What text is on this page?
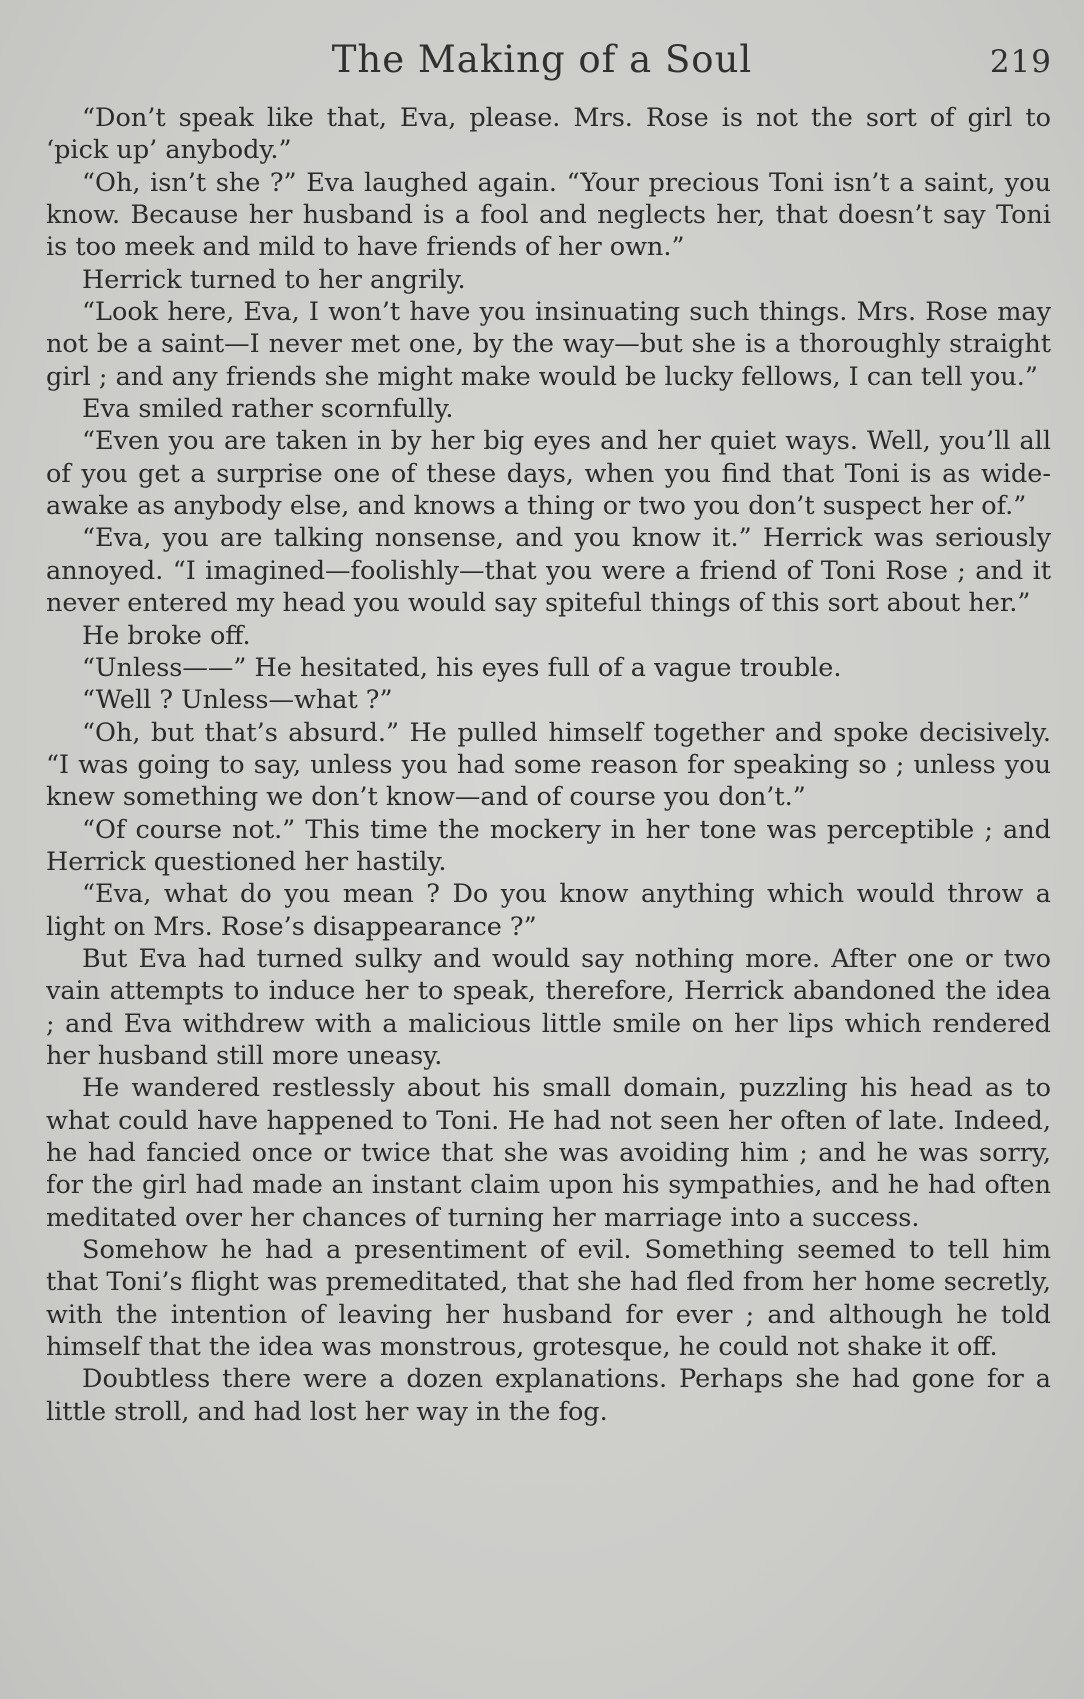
The Making of a Soul	219

“Don’t speak like that, Eva, please. Mrs. Rose is not the sort of girl to ‘pick up’ anybody.”

“Oh, isn’t she ?” Eva laughed again. “Your precious Toni isn’t a saint, you know. Because her husband is a fool and neglects her, that doesn’t say Toni is too meek and mild to have friends of her own.”

Herrick turned to her angrily.

“Look here, Eva, I won’t have you insinuating such things. Mrs. Rose may not be a saint—I never met one, by the way—but she is a thoroughly straight girl ; and any friends she might make would be lucky fellows, I can tell you.”

Eva smiled rather scornfully.

“Even you are taken in by her big eyes and her quiet ways. Well, you’ll all of you get a surprise one of these days, when you find that Toni is as wide-awake as anybody else, and knows a thing or two you don’t suspect her of.”

“Eva, you are talking nonsense, and you know it.” Herrick was seriously annoyed. “I imagined—foolishly—that you were a friend of Toni Rose ; and it never entered my head you would say spiteful things of this sort about her.”

He broke off.

“Unless——” He hesitated, his eyes full of a vague trouble.

“Well ? Unless—what ?”

“Oh, but that’s absurd.” He pulled himself together and spoke decisively. “I was going to say, unless you had some reason for speaking so ; unless you knew something we don’t know—and of course you don’t.”

“Of course not.” This time the mockery in her tone was perceptible ; and Herrick questioned her hastily.

“Eva, what do you mean ? Do you know anything which would throw a light on Mrs. Rose’s disappearance ?”

But Eva had turned sulky and would say nothing more. After one or two vain attempts to induce her to speak, therefore, Herrick abandoned the idea ; and Eva withdrew with a malicious little smile on her lips which rendered her husband still more uneasy.

He wandered restlessly about his small domain, puzzling his head as to what could have happened to Toni. He had not seen her often of late. Indeed, he had fancied once or twice that she was avoiding him ; and he was sorry, for the girl had made an instant claim upon his sympathies, and he had often meditated over her chances of turning her marriage into a success.

Somehow he had a presentiment of evil. Something seemed to tell him that Toni’s flight was premeditated, that she had fled from her home secretly, with the intention of leaving her husband for ever ; and although he told himself that the idea was monstrous, grotesque, he could not shake it off.

Doubtless there were a dozen explanations. Perhaps she had gone for a little stroll, and had lost her way in the fog.
